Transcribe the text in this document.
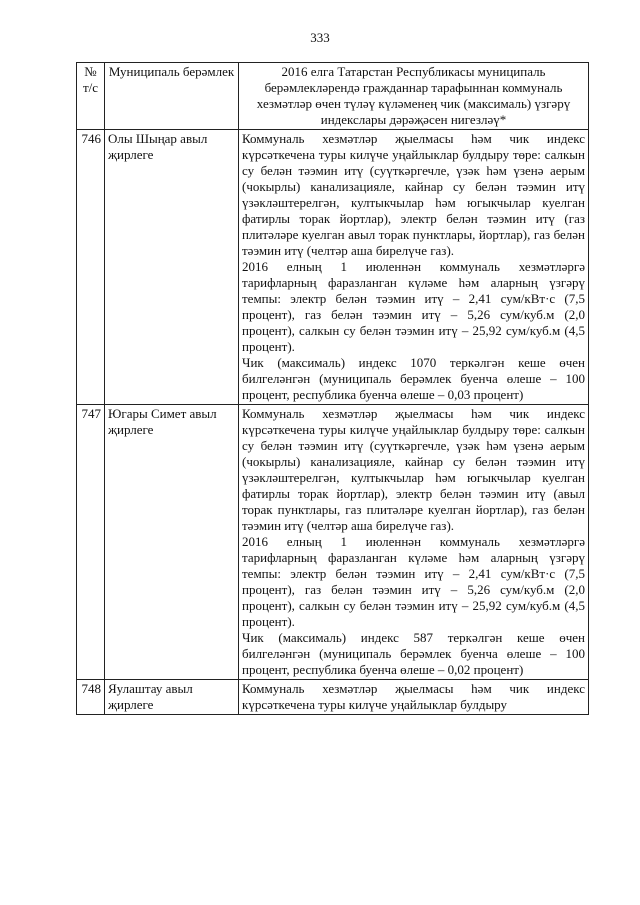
333
№ т/с	Муниципаль берәмлек	2016 елга Татарстан Республикасы муниципаль берәмлекләрендә гражданнар тарафыннан коммуналь хезмәтләр өчен түләү күләменең чик (максималь) үзгәрү индекслары дәрәҗәсен нигезләү*
746	Олы Шыңар авыл җирлеге	Коммуналь хезмәтләр җыелмасы һәм чик индекс күрсәткечена туры килүче уңайлыклар булдыру төре: салкын су белән тәэмин итү (суүткәргечле, үзәк һәм үзенә аерым (чокырлы) канализацияле, кайнар су белән тәэмин итү үзәкләштерелгән, култыкчылар һәм югыкчылар куелган фатирлы торак йортлар), электр белән тәэмин итү (газ плитәләре куелган авыл торак пунктлары, йортлар), газ белән тәэмин итү (челтәр аша бирелүче газ).
2016 елның 1 июленнән коммуналь хезмәтләргә тарифларның фаразланган күләме һәм аларның үзгәрү темпы: электр белән тәэмин итү – 2,41 сум/кВт·с (7,5 процент), газ белән тәэмин итү – 5,26 сум/куб.м (2,0 процент), салкын су белән тәэмин итү – 25,92 сум/куб.м (4,5 процент).
Чик (максималь) индекс 1070 теркәлгән кеше өчен билгеләнгән (муниципаль берәмлек буенча өлеше – 100 процент, республика буенча өлеше – 0,03 процент)

747	Югары Симет авыл җирлеге	Коммуналь хезмәтләр җыелмасы һәм чик индекс күрсәткечена туры килүче уңайлыклар булдыру төре: салкын су белән тәэмин итү (суүткәргечле, үзәк һәм үзенә аерым (чокырлы) канализацияле, кайнар су белән тәэмин итү үзәкләштерелгән, култыкчылар һәм югыкчылар куелган фатирлы торак йортлар), электр белән тәэмин итү (авыл торак пунктлары, газ плитәләре куелган йортлар), газ белән тәэмин итү (челтәр аша бирелүче газ).
2016 елның 1 июленнән коммуналь хезмәтләргә тарифларның фаразланган күләме һәм аларның үзгәрү темпы: электр белән тәэмин итү – 2,41 сум/кВт·с (7,5 процент), газ белән тәэмин итү – 5,26 сум/куб.м (2,0 процент), салкын су белән тәэмин итү – 25,92 сум/куб.м (4,5 процент).
Чик (максималь) индекс 587 теркәлгән кеше өчен билгеләнгән (муниципаль берәмлек буенча өлеше – 100 процент, республика буенча өлеше – 0,02 процент)

748	Яулаштау авыл җирлеге	Коммуналь хезмәтләр җыелмасы һәм чик индекс күрсәткечена туры килүче уңайлыклар булдыру
